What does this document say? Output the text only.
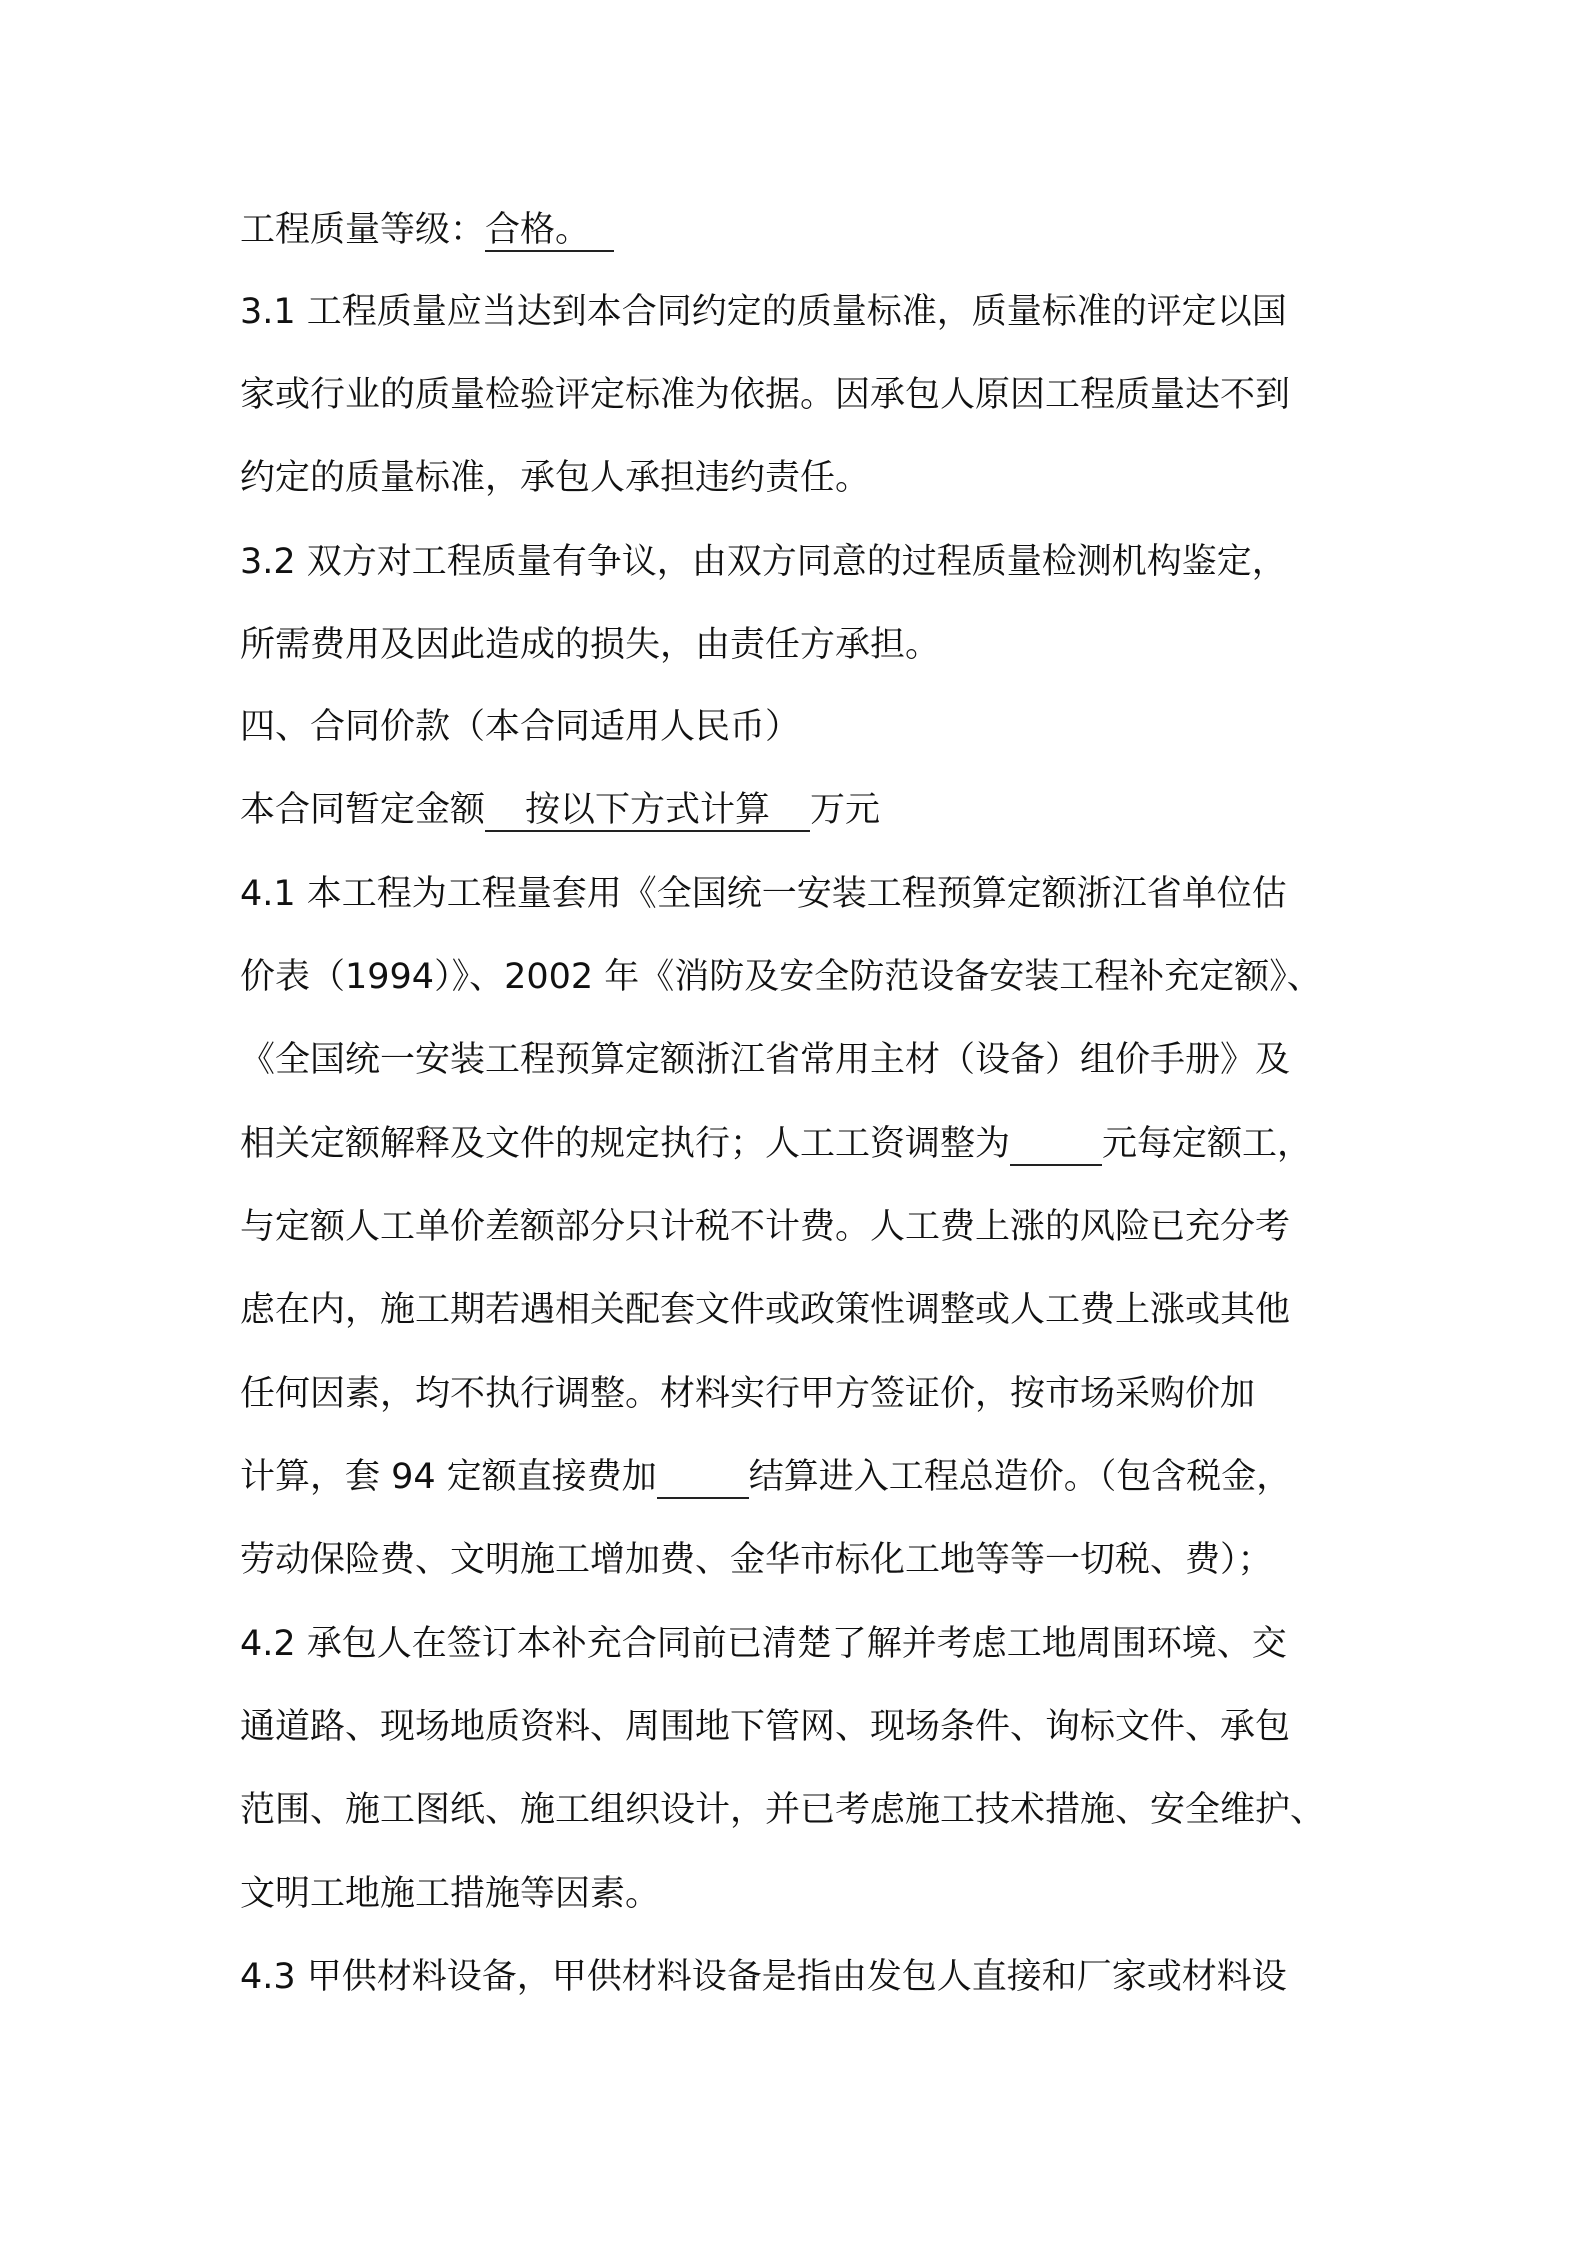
工程质量等级：合格。
3.1 工程质量应当达到本合同约定的质量标准，质量标准的评定以国
家或行业的质量检验评定标准为依据。因承包人原因工程质量达不到
约定的质量标准，承包人承担违约责任。
3.2 双方对工程质量有争议，由双方同意的过程质量检测机构鉴定，
所需费用及因此造成的损失，由责任方承担。
四、合同价款（本合同适用人民币）
本合同暂定金额 按以下方式计算 万元
4.1 本工程为工程量套用《全国统一安装工程预算定额浙江省单位估
价表（1994）》、2002 年《消防及安全防范设备安装工程补充定额》、
《全国统一安装工程预算定额浙江省常用主材（设备）组价手册》及
相关定额解释及文件的规定执行；人工工资调整为	元每定额工，
与定额人工单价差额部分只计税不计费。人工费上涨的风险已充分考
虑在内，施工期若遇相关配套文件或政策性调整或人工费上涨或其他
任何因素，均不执行调整。材料实行甲方签证价，按市场采购价加
计算，套 94 定额直接费加	结算进入工程总造价。（包含税金，
劳动保险费、文明施工增加费、金华市标化工地等等一切税、费）；
4.2 承包人在签订本补充合同前已清楚了解并考虑工地周围环境、交
通道路、现场地质资料、周围地下管网、现场条件、询标文件、承包
范围、施工图纸、施工组织设计，并已考虑施工技术措施、安全维护、
文明工地施工措施等因素。
4.3 甲供材料设备，甲供材料设备是指由发包人直接和厂家或材料设
